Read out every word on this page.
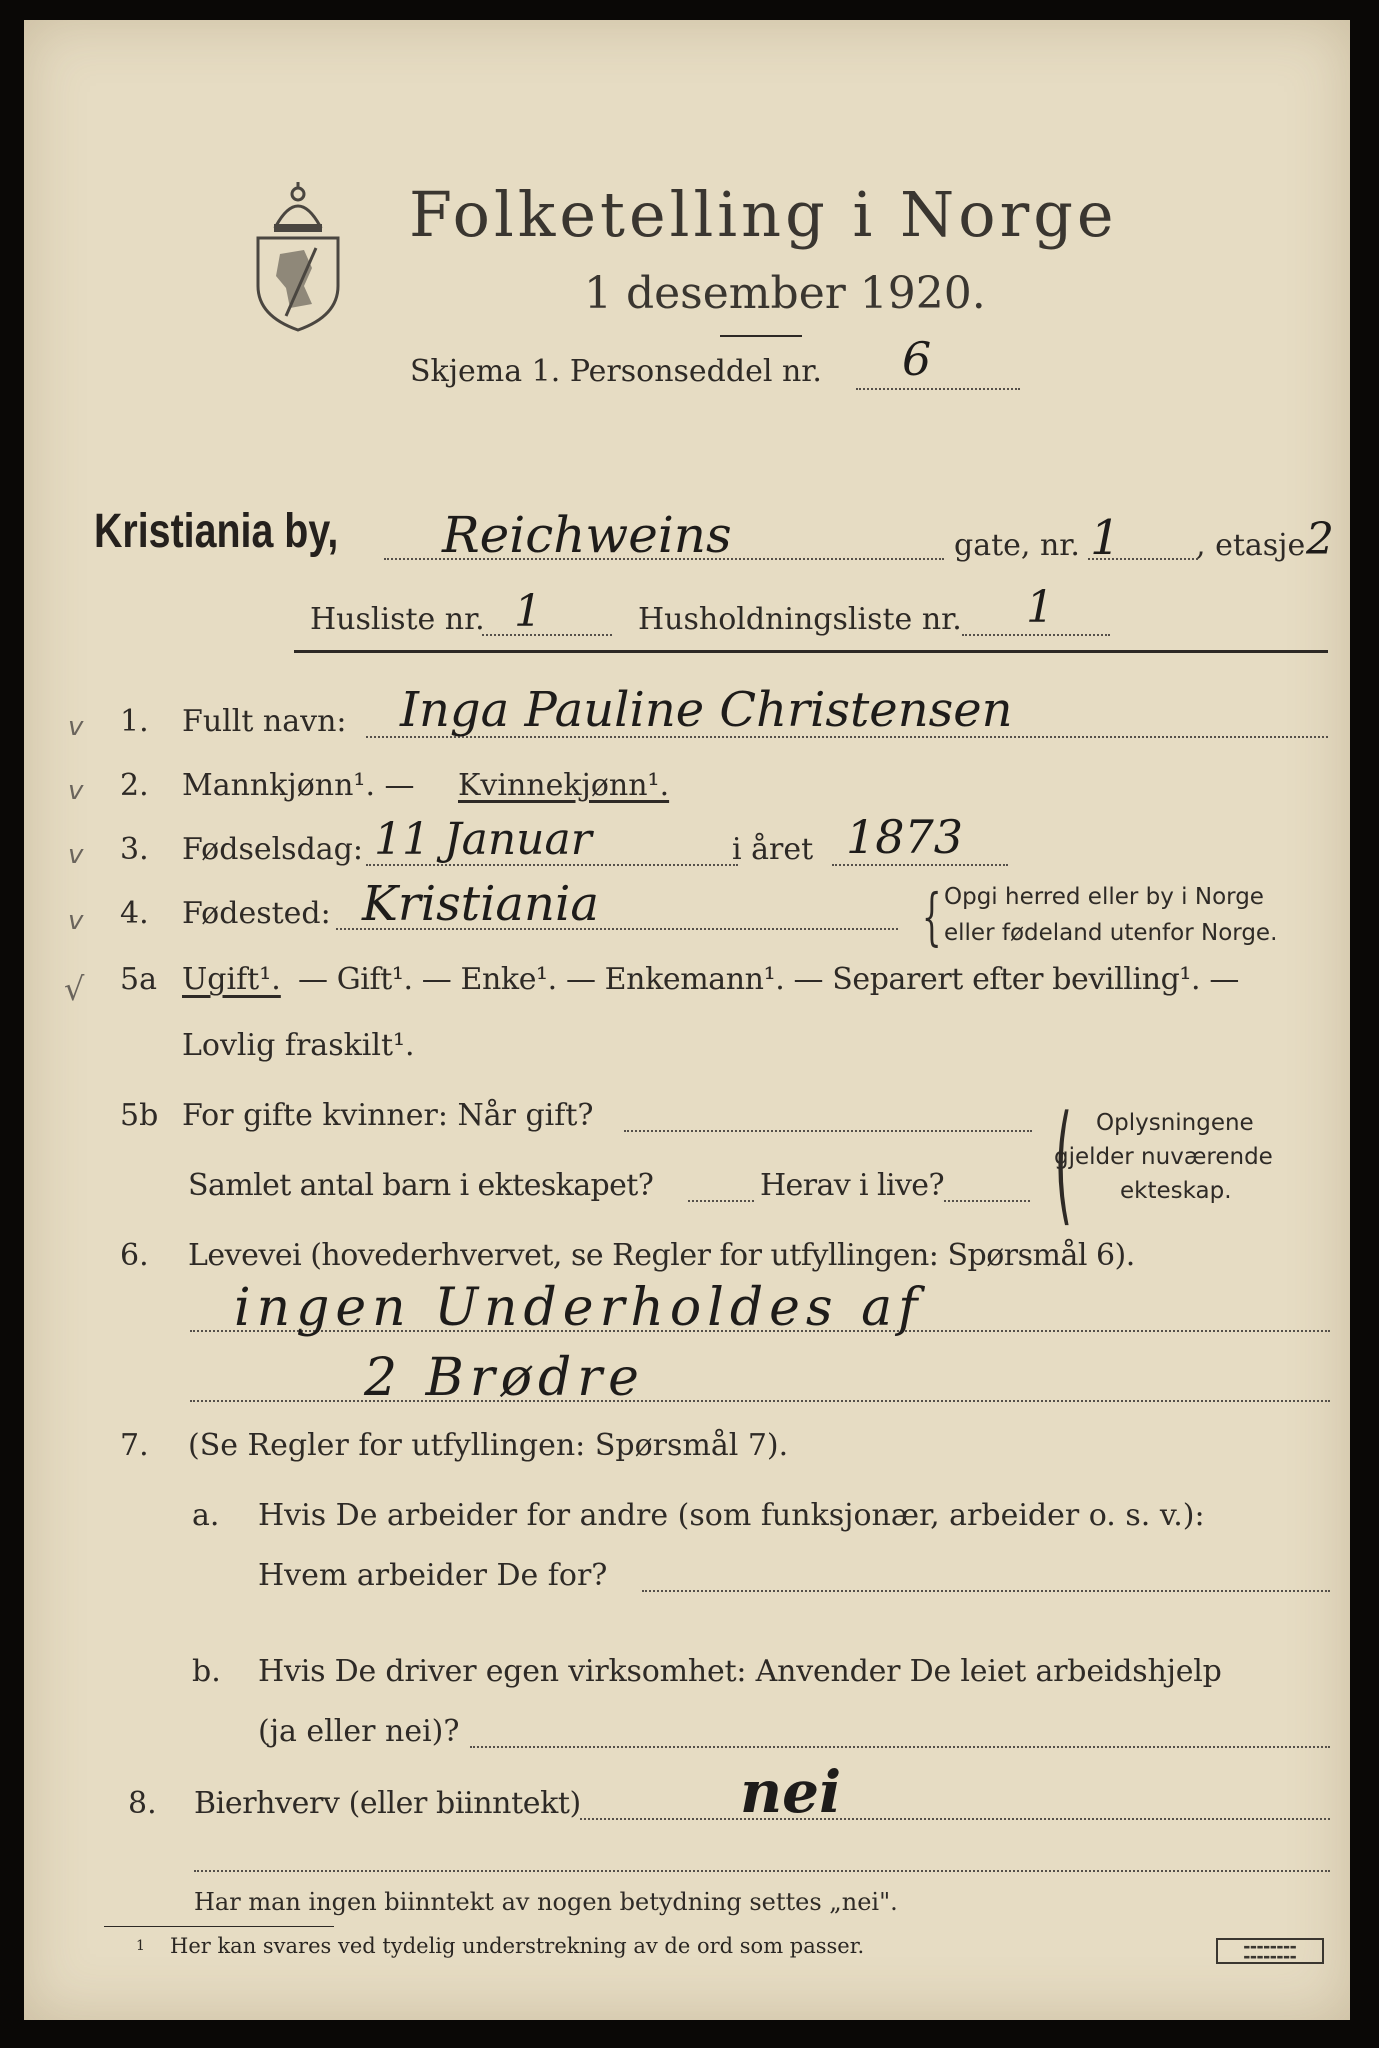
Folketelling i Norge
1 desember 1920.
Skjema 1. Personseddel nr. 6
Kristiania by, Reichweins	gate, nr. 1	, etasje 2
Husliste nr. 1	Husholdningsliste nr. 1
v 1. Fullt navn: Inga Pauline Christensen
v 2. Mannkjønn¹. — Kvinnekjønn¹.
v 3. Fødselsdag: 11 Januar	i året 1873
v 4. Fødested: Kristiania	{ Opgi herred eller by i Norge
eller fødeland utenfor Norge.
√ 5a Ugift¹. — Gift¹. — Enke¹. — Enkemann¹. — Separert efter bevilling¹. —
Lovlig fraskilt¹.
5b For gifte kvinner: Når gift?
Samlet antal barn i ekteskapet?	Herav i live? ( Oplysningene
gjelder nuværende
ekteskap.
6. Levevei (hovederhvervet, se Regler for utfyllingen: Spørsmål 6).
ingen Underholdes af
2 Brødre
7. (Se Regler for utfyllingen: Spørsmål 7).
a. Hvis De arbeider for andre (som funksjonær, arbeider o. s. v.):
Hvem arbeider De for?
b. Hvis De driver egen virksomhet: Anvender De leiet arbeidshjelp
(ja eller nei)?
8. Bierhverv (eller biinntekt)	nei
Har man ingen biinntekt av nogen betydning settes „nei".
1 Her kan svares ved tydelig understrekning av de ord som passer.	▬▬▬▬▬▬▬▬
▬▬▬▬▬▬▬▬
